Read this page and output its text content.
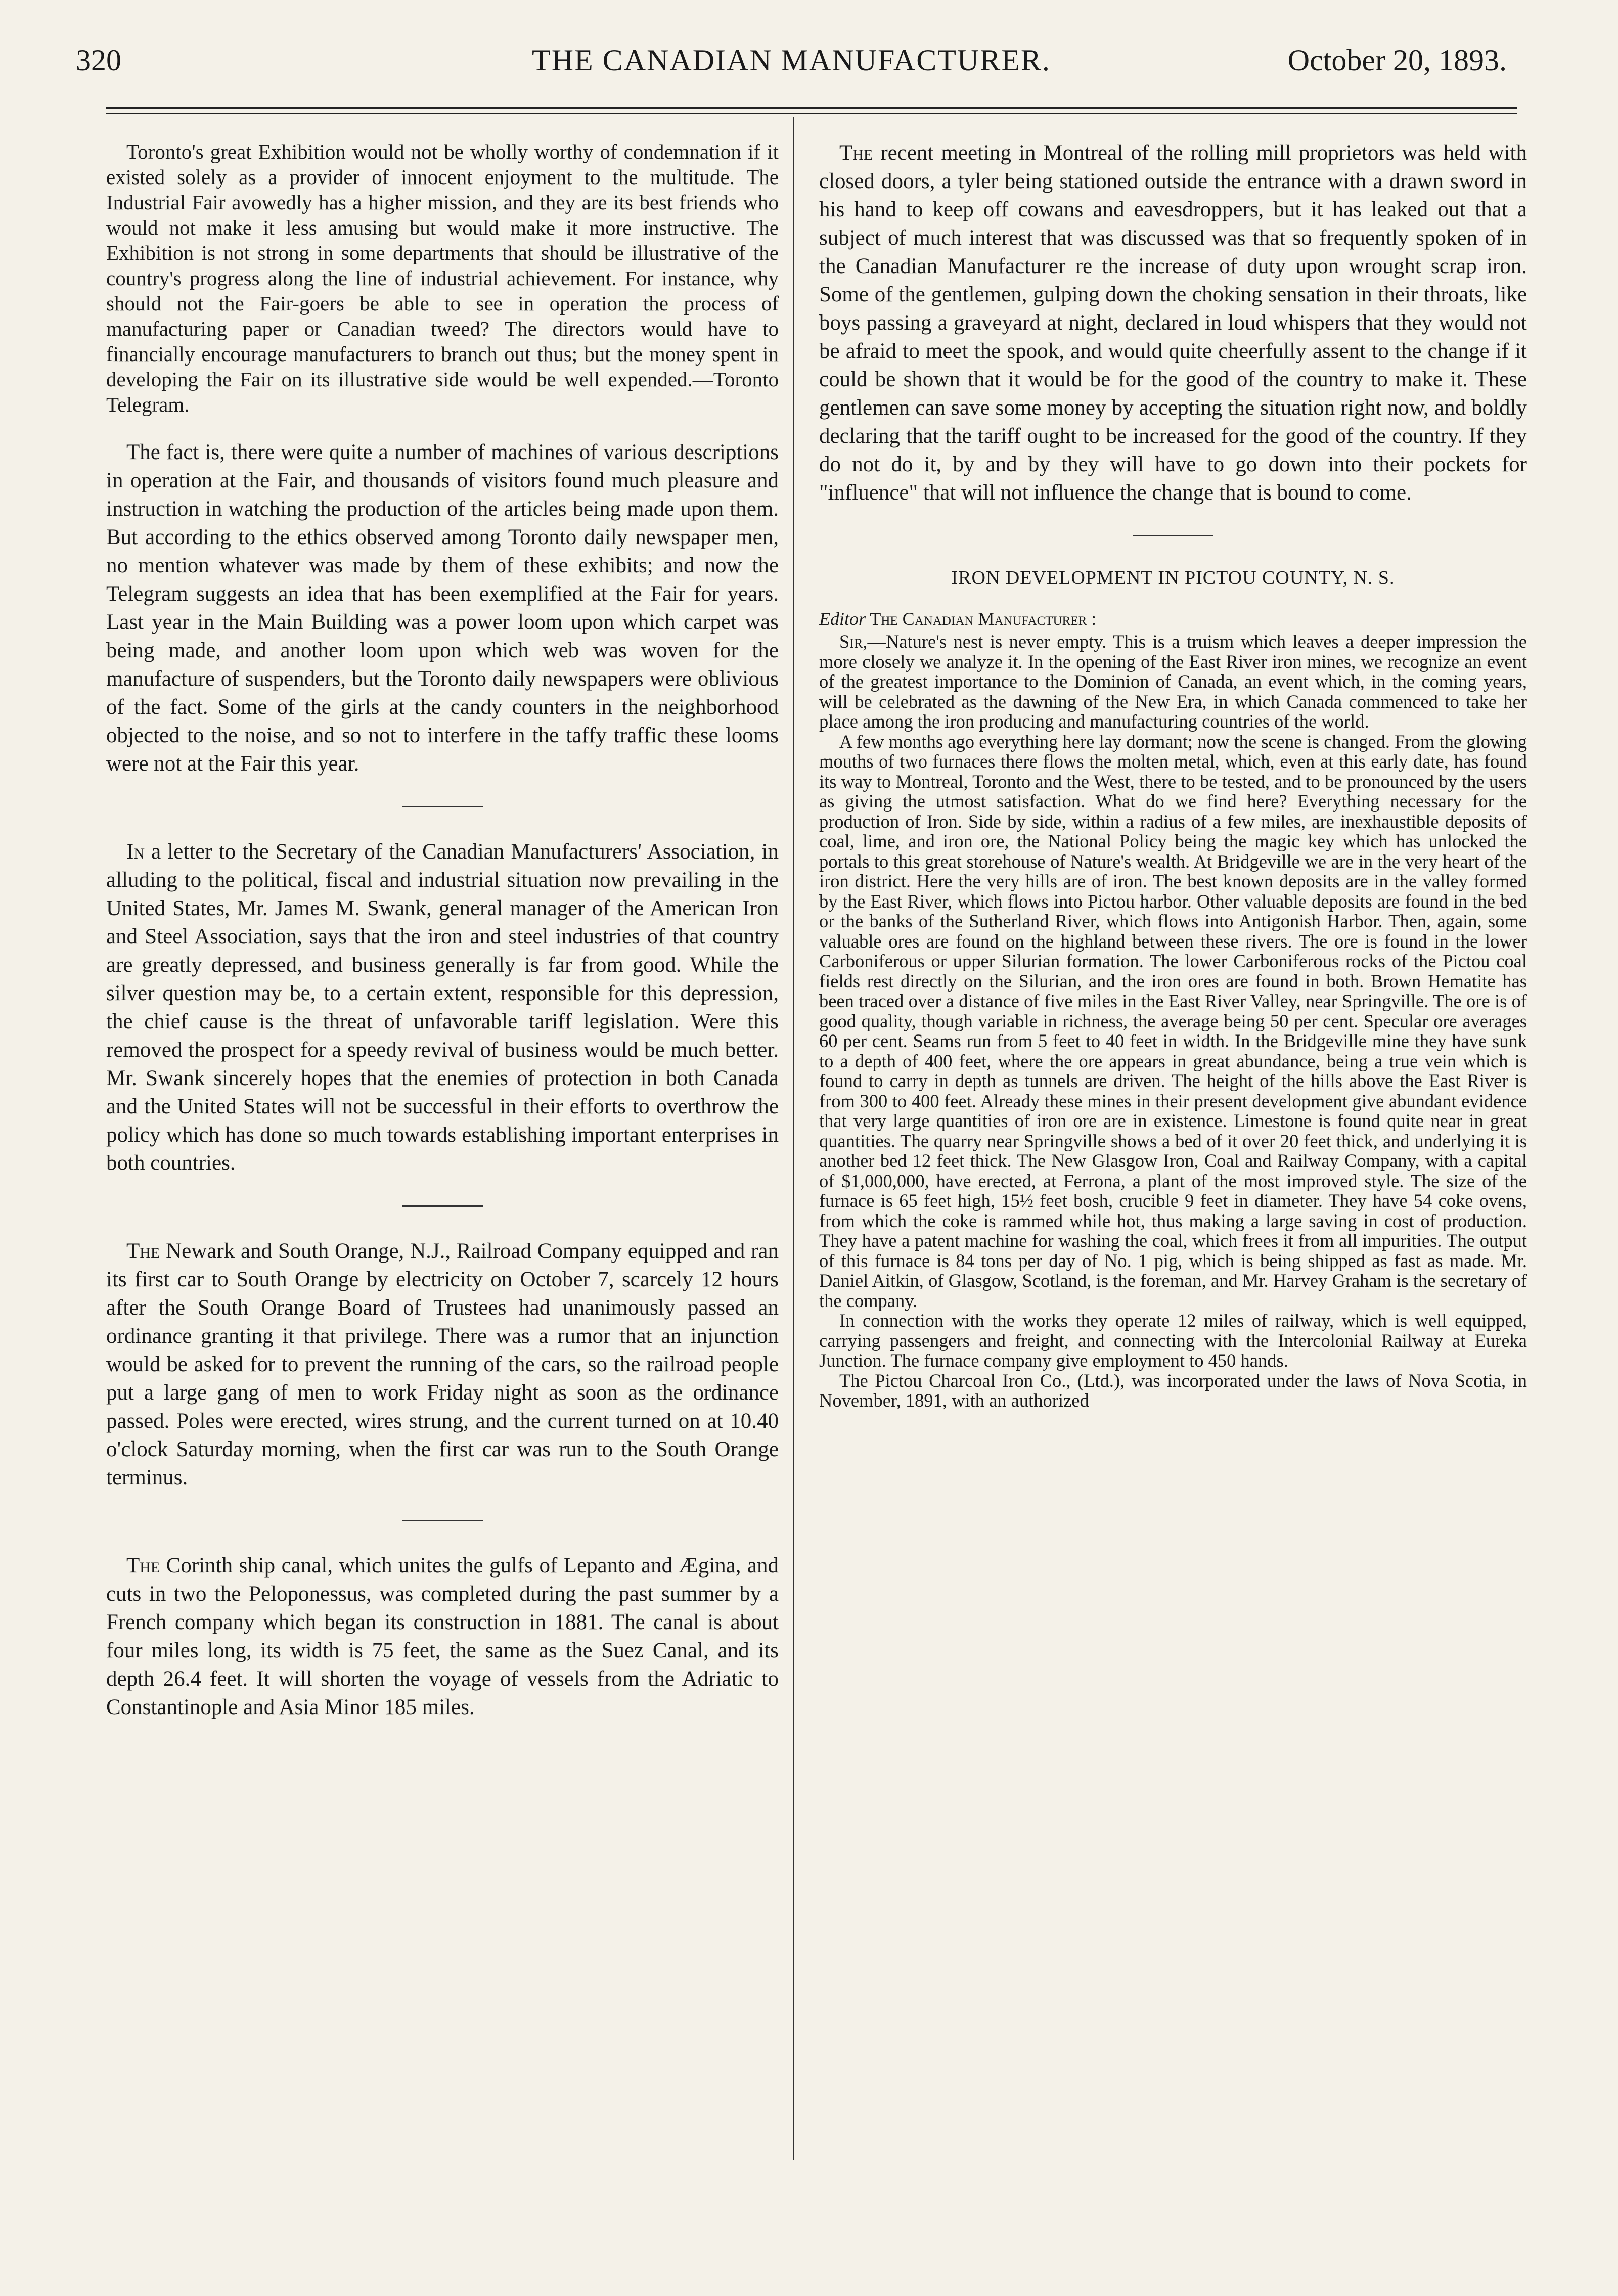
320	THE CANADIAN MANUFACTURER.	October 20, 1893.

Toronto's great Exhibition would not be wholly worthy of condemnation if it existed solely as a provider of innocent enjoyment to the multitude. The Industrial Fair avowedly has a higher mission, and they are its best friends who would not make it less amusing but would make it more instructive. The Exhibition is not strong in some departments that should be illustrative of the country's progress along the line of industrial achievement. For instance, why should not the Fair-goers be able to see in operation the process of manufacturing paper or Canadian tweed? The directors would have to financially encourage manufacturers to branch out thus; but the money spent in developing the Fair on its illustrative side would be well expended.—Toronto Telegram.

The fact is, there were quite a number of machines of various descriptions in operation at the Fair, and thousands of visitors found much pleasure and instruction in watching the production of the articles being made upon them. But according to the ethics observed among Toronto daily newspaper men, no mention whatever was made by them of these exhibits; and now the Telegram suggests an idea that has been exemplified at the Fair for years. Last year in the Main Building was a power loom upon which carpet was being made, and another loom upon which web was woven for the manufacture of suspenders, but the Toronto daily newspapers were oblivious of the fact. Some of the girls at the candy counters in the neighborhood objected to the noise, and so not to interfere in the taffy traffic these looms were not at the Fair this year.

In a letter to the Secretary of the Canadian Manufacturers' Association, in alluding to the political, fiscal and industrial situation now prevailing in the United States, Mr. James M. Swank, general manager of the American Iron and Steel Association, says that the iron and steel industries of that country are greatly depressed, and business generally is far from good. While the silver question may be, to a certain extent, responsible for this depression, the chief cause is the threat of unfavorable tariff legislation. Were this removed the prospect for a speedy revival of business would be much better. Mr. Swank sincerely hopes that the enemies of protection in both Canada and the United States will not be successful in their efforts to overthrow the policy which has done so much towards establishing important enterprises in both countries.

The Newark and South Orange, N.J., Railroad Company equipped and ran its first car to South Orange by electricity on October 7, scarcely 12 hours after the South Orange Board of Trustees had unanimously passed an ordinance granting it that privilege. There was a rumor that an injunction would be asked for to prevent the running of the cars, so the railroad people put a large gang of men to work Friday night as soon as the ordinance passed. Poles were erected, wires strung, and the current turned on at 10.40 o'clock Saturday morning, when the first car was run to the South Orange terminus.

The Corinth ship canal, which unites the gulfs of Lepanto and Ægina, and cuts in two the Peloponessus, was completed during the past summer by a French company which began its construction in 1881. The canal is about four miles long, its width is 75 feet, the same as the Suez Canal, and its depth 26.4 feet. It will shorten the voyage of vessels from the Adriatic to Constantinople and Asia Minor 185 miles.

The recent meeting in Montreal of the rolling mill proprietors was held with closed doors, a tyler being stationed outside the entrance with a drawn sword in his hand to keep off cowans and eavesdroppers, but it has leaked out that a subject of much interest that was discussed was that so frequently spoken of in the Canadian Manufacturer re the increase of duty upon wrought scrap iron. Some of the gentlemen, gulping down the choking sensation in their throats, like boys passing a graveyard at night, declared in loud whispers that they would not be afraid to meet the spook, and would quite cheerfully assent to the change if it could be shown that it would be for the good of the country to make it. These gentlemen can save some money by accepting the situation right now, and boldly declaring that the tariff ought to be increased for the good of the country. If they do not do it, by and by they will have to go down into their pockets for "influence" that will not influence the change that is bound to come.

IRON DEVELOPMENT IN PICTOU COUNTY, N. S.
Editor The Canadian Manufacturer :

Sir,—Nature's nest is never empty. This is a truism which leaves a deeper impression the more closely we analyze it. In the opening of the East River iron mines, we recognize an event of the greatest importance to the Dominion of Canada, an event which, in the coming years, will be celebrated as the dawning of the New Era, in which Canada commenced to take her place among the iron producing and manufacturing countries of the world.

A few months ago everything here lay dormant; now the scene is changed. From the glowing mouths of two furnaces there flows the molten metal, which, even at this early date, has found its way to Montreal, Toronto and the West, there to be tested, and to be pronounced by the users as giving the utmost satisfaction. What do we find here? Everything necessary for the production of Iron. Side by side, within a radius of a few miles, are inexhaustible deposits of coal, lime, and iron ore, the National Policy being the magic key which has unlocked the portals to this great storehouse of Nature's wealth. At Bridgeville we are in the very heart of the iron district. Here the very hills are of iron. The best known deposits are in the valley formed by the East River, which flows into Pictou harbor. Other valuable deposits are found in the bed or the banks of the Sutherland River, which flows into Antigonish Harbor. Then, again, some valuable ores are found on the highland between these rivers. The ore is found in the lower Carboniferous or upper Silurian formation. The lower Carboniferous rocks of the Pictou coal fields rest directly on the Silurian, and the iron ores are found in both. Brown Hematite has been traced over a distance of five miles in the East River Valley, near Springville. The ore is of good quality, though variable in richness, the average being 50 per cent. Specular ore averages 60 per cent. Seams run from 5 feet to 40 feet in width. In the Bridgeville mine they have sunk to a depth of 400 feet, where the ore appears in great abundance, being a true vein which is found to carry in depth as tunnels are driven. The height of the hills above the East River is from 300 to 400 feet. Already these mines in their present development give abundant evidence that very large quantities of iron ore are in existence. Limestone is found quite near in great quantities. The quarry near Springville shows a bed of it over 20 feet thick, and underlying it is another bed 12 feet thick. The New Glasgow Iron, Coal and Railway Company, with a capital of $1,000,000, have erected, at Ferrona, a plant of the most improved style. The size of the furnace is 65 feet high, 15½ feet bosh, crucible 9 feet in diameter. They have 54 coke ovens, from which the coke is rammed while hot, thus making a large saving in cost of production. They have a patent machine for washing the coal, which frees it from all impurities. The output of this furnace is 84 tons per day of No. 1 pig, which is being shipped as fast as made. Mr. Daniel Aitkin, of Glasgow, Scotland, is the foreman, and Mr. Harvey Graham is the secretary of the company.

In connection with the works they operate 12 miles of railway, which is well equipped, carrying passengers and freight, and connecting with the Intercolonial Railway at Eureka Junction. The furnace company give employment to 450 hands.

The Pictou Charcoal Iron Co., (Ltd.), was incorporated under the laws of Nova Scotia, in November, 1891, with an authorized
